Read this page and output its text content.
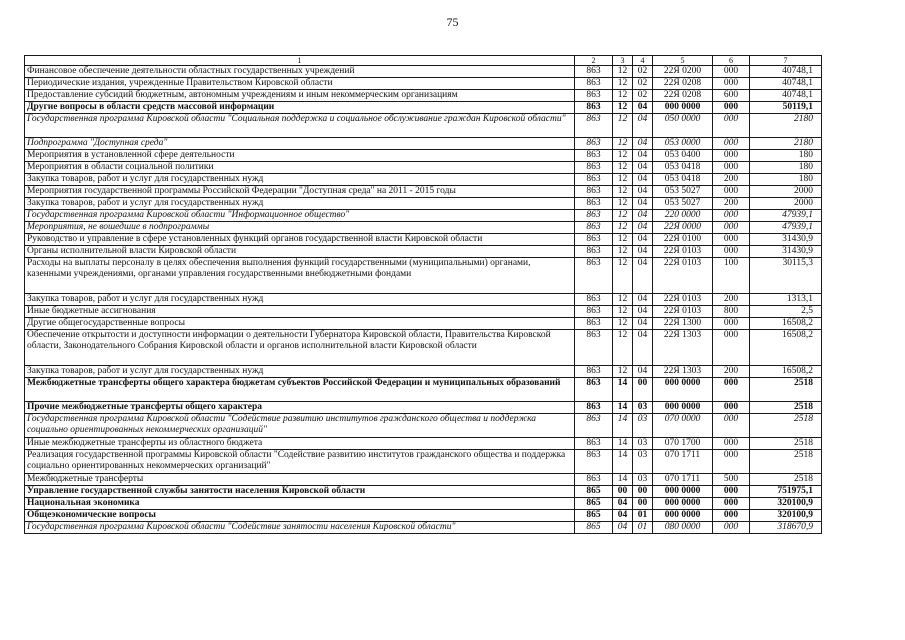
75
1	2	3	4	5	6	7
Финансовое обеспечение деятельности областных государственных учреждений	863	12	02	22Я 0200	000	40748,1
Периодические издания, учрежденные Правительством Кировской области	863	12	02	22Я 0208	000	40748,1
Предоставление субсидий бюджетным, автономным учреждениям и иным некоммерческим организациям	863	12	02	22Я 0208	600	40748,1
Другие вопросы в области средств массовой информации	863	12	04	000 0000	000	50119,1
Государственная программа Кировской области "Социальная поддержка и социальное обслуживание граждан Кировской области"	863	12	04	050 0000	000	2180
Подпрограмма "Доступная среда"	863	12	04	053 0000	000	2180
Мероприятия в установленной сфере деятельности	863	12	04	053 0400	000	180
Мероприятия в области социальной политики	863	12	04	053 0418	000	180
Закупка товаров, работ и услуг для государственных нужд	863	12	04	053 0418	200	180
Мероприятия государственной программы Российской Федерации "Доступная среда" на 2011 - 2015 годы	863	12	04	053 5027	000	2000
Закупка товаров, работ и услуг для государственных нужд	863	12	04	053 5027	200	2000
Государственная программа Кировской области "Информационное общество"	863	12	04	220 0000	000	47939,1
Мероприятия, не вошедшие в подпрограммы	863	12	04	22Я 0000	000	47939,1
Руководство и управление в сфере установленных функций органов государственной власти Кировской области	863	12	04	22Я 0100	000	31430,9
Органы исполнительной власти Кировской области	863	12	04	22Я 0103	000	31430,9
Расходы на выплаты персоналу в целях обеспечения выполнения функций государственными (муниципальными) органами, казенными учреждениями, органами управления государственными внебюджетными фондами	863	12	04	22Я 0103	100	30115,3
Закупка товаров, работ и услуг для государственных нужд	863	12	04	22Я 0103	200	1313,1
Иные бюджетные ассигнования	863	12	04	22Я 0103	800	2,5
Другие общегосударственные вопросы	863	12	04	22Я 1300	000	16508,2
Обеспечение открытости и доступности информации о деятельности Губернатора Кировской области, Правительства Кировской области, Законодательного Собрания Кировской области и органов исполнительной власти Кировской области	863	12	04	22Я 1303	000	16508,2
Закупка товаров, работ и услуг для государственных нужд	863	12	04	22Я 1303	200	16508,2
Межбюджетные трансферты общего характера бюджетам субъектов Российской Федерации и муниципальных образований	863	14	00	000 0000	000	2518
Прочие межбюджетные трансферты общего характера	863	14	03	000 0000	000	2518
Государственная программа Кировской области "Содействие развитию институтов гражданского общества и поддержка социально ориентированных некоммерческих организаций"	863	14	03	070 0000	000	2518
Иные межбюджетные трансферты из областного бюджета	863	14	03	070 1700	000	2518
Реализация государственной программы Кировской области "Содействие развитию институтов гражданского общества и поддержка социально ориентированных некоммерческих организаций"	863	14	03	070 1711	000	2518
Межбюджетные трансферты	863	14	03	070 1711	500	2518
Управление государственной службы занятости населения Кировской области	865	00	00	000 0000	000	751975,1
Национальная экономика	865	04	00	000 0000	000	320100,9
Общеэкономические вопросы	865	04	01	000 0000	000	320100,9
Государственная программа Кировской области "Содействие занятости населения Кировской области"	865	04	01	080 0000	000	318670,9
